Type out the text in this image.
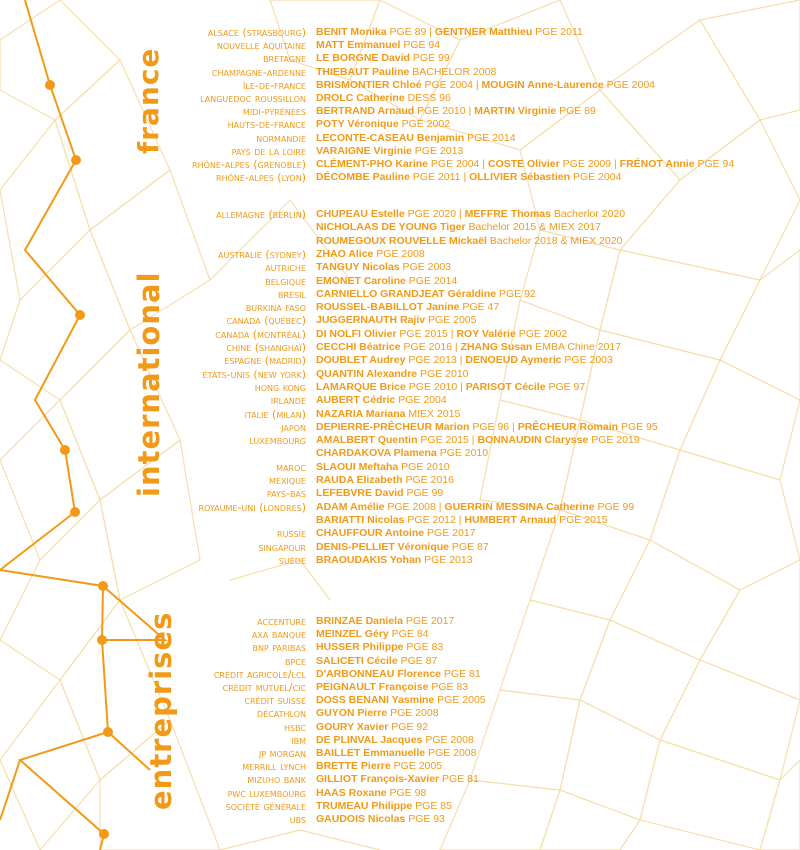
france
international
entreprises
alsace (strasbourg) BENIT Monika PGE 89 | GENTNER Matthieu PGE 2011
nouvelle aquitaine MATT Emmanuel PGE 94
bretagne LE BORGNE David PGE 99
champagne-ardenne THIEBAUT Pauline BACHELOR 2008
île-de-france BRISMONTIER Chloé PGE 2004 | MOUGIN Anne-Laurence PGE 2004
languedoc roussillon DROLC Catherine DESS 96
midi-pyrénées BERTRAND Arnaud PGE 2010 | MARTIN Virginie PGE 89
hauts-de-france POTY Véronique PGE 2002
normandie LECONTE-CASEAU Benjamin PGE 2014
pays de la loire VARAIGNE Virginie PGE 2013
rhône-alpes (grenoble) CLÉMENT-PHO Karine PGE 2004 | COSTE Olivier PGE 2009 | FRÉNOT Annie PGE 94
rhône-alpes (lyon) DÉCOMBE Pauline PGE 2011 | OLLIVIER Sébastien PGE 2004
allemagne (berlin) CHUPEAU Estelle PGE 2020 | MEFFRE Thomas Bacherlor 2020
NICHOLAAS DE YOUNG Tiger Bachelor 2015 & MIEX 2017
ROUMEGOUX ROUVELLE Mickaël Bachelor 2018 & MIEX 2020
australie (sydney) ZHAO Alice PGE 2008
autriche TANGUY Nicolas PGE 2003
belgique EMONET Caroline PGE 2014
brésil CARNIELLO GRANDJEAT Géraldine PGE 92
burkina faso ROUSSEL-BABILLOT Janine PGE 47
canada (québec) JUGGERNAUTH Rajiv PGE 2005
canada (montréal) DI NOLFI Olivier PGE 2015 | ROY Valérie PGE 2002
chine (shanghaï) CECCHI Béatrice PGE 2016 | ZHANG Susan EMBA Chine 2017
espagne (madrid) DOUBLET Audrey PGE 2013 | DENOEUD Aymeric PGE 2003
états-unis (new york) QUANTIN Alexandre PGE 2010
hong kong LAMARQUE Brice PGE 2010 | PARISOT Cécile PGE 97
irlande AUBERT Cédric PGE 2004
italie (milan) NAZARIA Mariana MIEX 2015
japon DEPIERRE-PRÊCHEUR Marion PGE 96 | PRÊCHEUR Romain PGE 95
luxembourg AMALBERT Quentin PGE 2015 | BONNAUDIN Clarysse PGE 2019
CHARDAKOVA Plamena PGE 2010
maroc SLAOUI Meftaha PGE 2010
mexique RAUDA Elizabeth PGE 2016
pays-bas LEFEBVRE David PGE 99
royaume-uni (londres) ADAM Amélie PGE 2008 | GUERRIN MESSINA Catherine PGE 99
BARIATTI Nicolas PGE 2012 | HUMBERT Arnaud PGE 2015
russie CHAUFFOUR Antoine PGE 2017
singapour DENIS-PELLIET Véronique PGE 87
suède BRAOUDAKIS Yohan PGE 2013
accenture BRINZAE Daniela PGE 2017
axa banque MEINZEL Géry PGE 84
bnp paribas HUSSER Philippe PGE 83
bpce SALICETI Cécile PGE 87
crédit agricole/lcl D'ARBONNEAU Florence PGE 81
crédit mutuel/cic PEIGNAULT Françoise PGE 83
crédit suisse DOSS BENANI Yasmine PGE 2005
décathlon GUYON Pierre PGE 2008
hsbc GOURY Xavier PGE 92
ibm DE PLINVAL Jacques PGE 2008
jp morgan BAILLET Emmanuelle PGE 2008
merrill lynch BRETTE Pierre PGE 2005
mizuho bank GILLIOT François-Xavier PGE 81
pwc luxembourg HAAS Roxane PGE 98
société générale TRUMEAU Philippe PGE 85
ubs GAUDOIS Nicolas PGE 93
